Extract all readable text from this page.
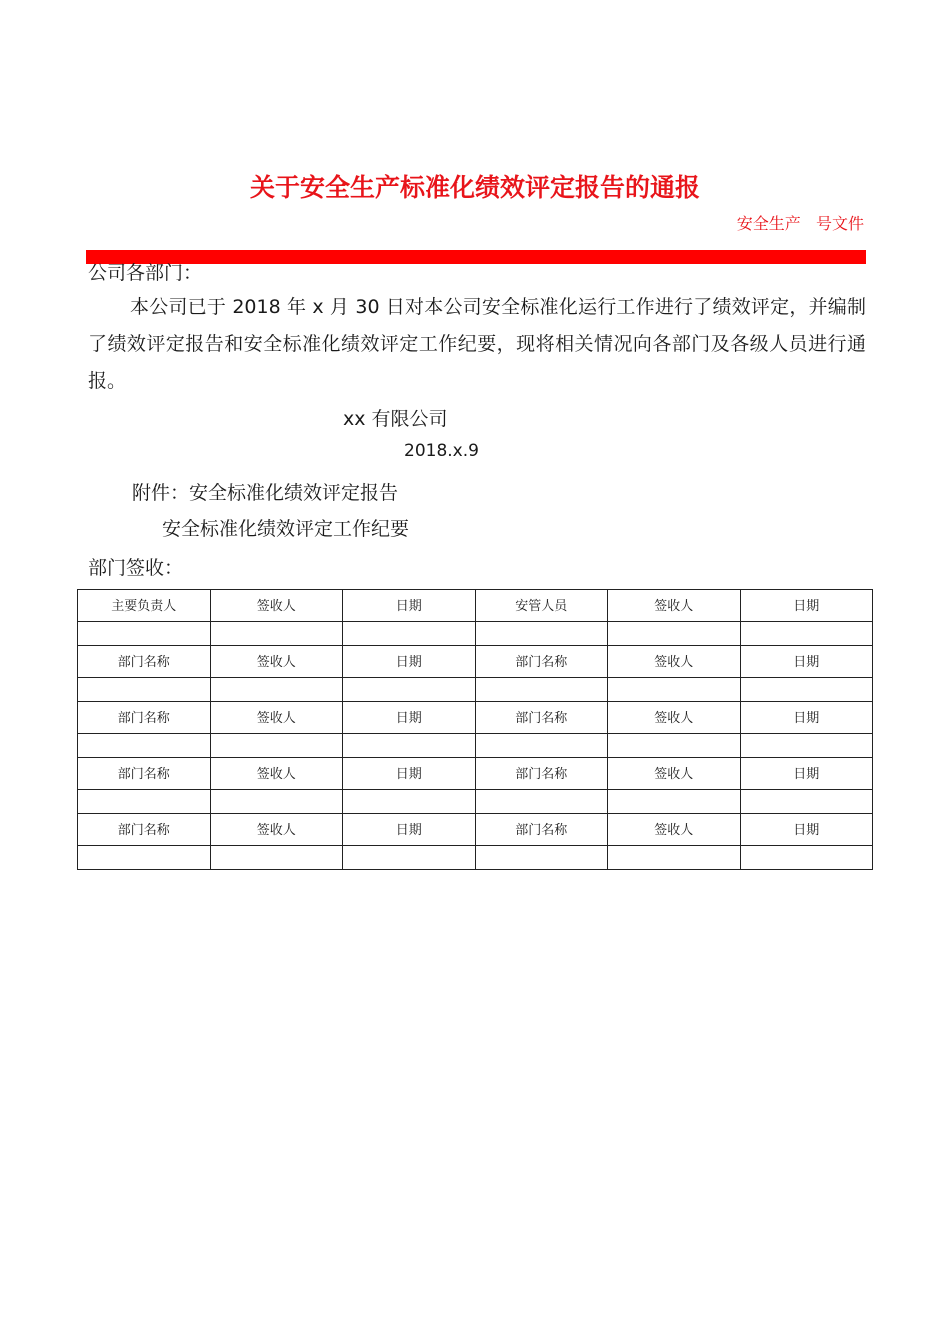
关于安全生产标准化绩效评定报告的通报
安全生产   号文件
公司各部门：
本公司已于 2018 年 x 月 30 日对本公司安全标准化运行工作进行了绩效评定，并编制了绩效评定报告和安全标准化绩效评定工作纪要，现将相关情况向各部门及各级人员进行通报。
xx 有限公司
2018.x.9
附件：安全标准化绩效评定报告
安全标准化绩效评定工作纪要
部门签收：
主要负责人	签收人	日期	安管人员	签收人	日期

部门名称	签收人	日期	部门名称	签收人	日期

部门名称	签收人	日期	部门名称	签收人	日期

部门名称	签收人	日期	部门名称	签收人	日期

部门名称	签收人	日期	部门名称	签收人	日期
